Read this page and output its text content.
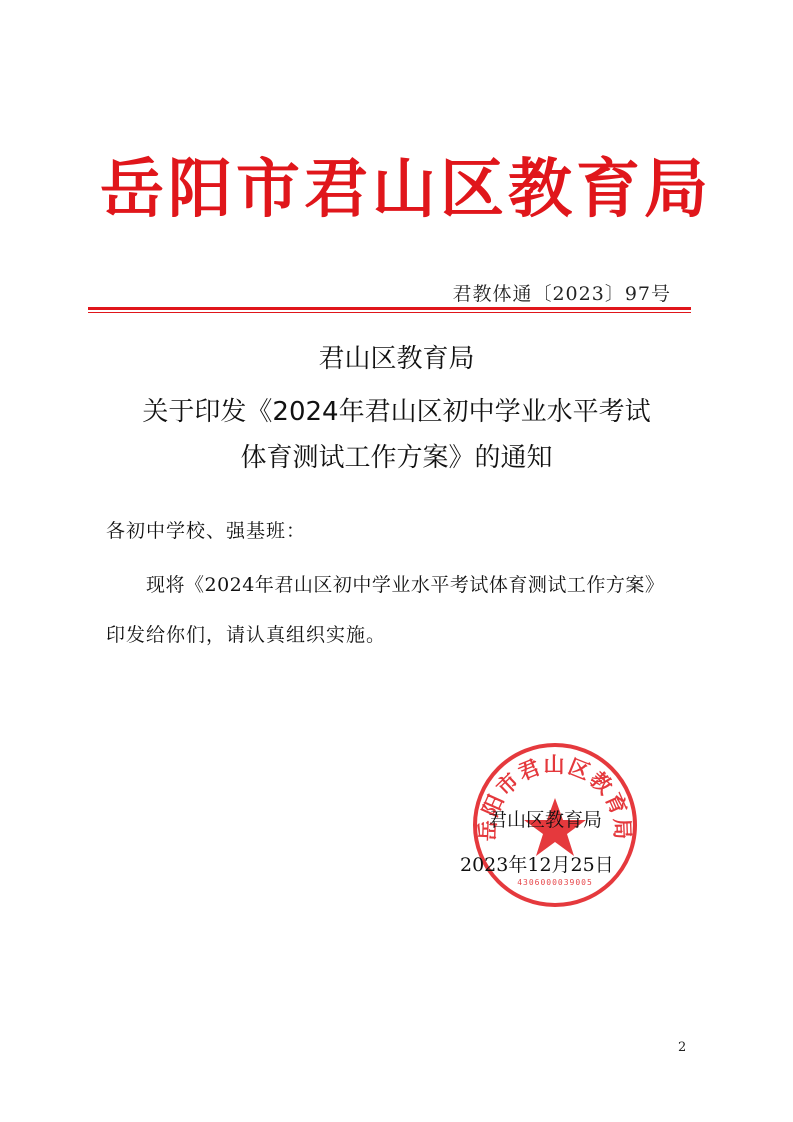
岳阳市君山区教育局
君教体通〔2023〕97号
君山区教育局
关于印发《2024年君山区初中学业水平考试
体育测试工作方案》的通知
各初中学校、强基班：
现将《2024年君山区初中学业水平考试体育测试工作方案》
印发给你们，请认真组织实施。
岳阳市君山区教育局
4306000039005
君山区教育局
2023年12月25日
2
